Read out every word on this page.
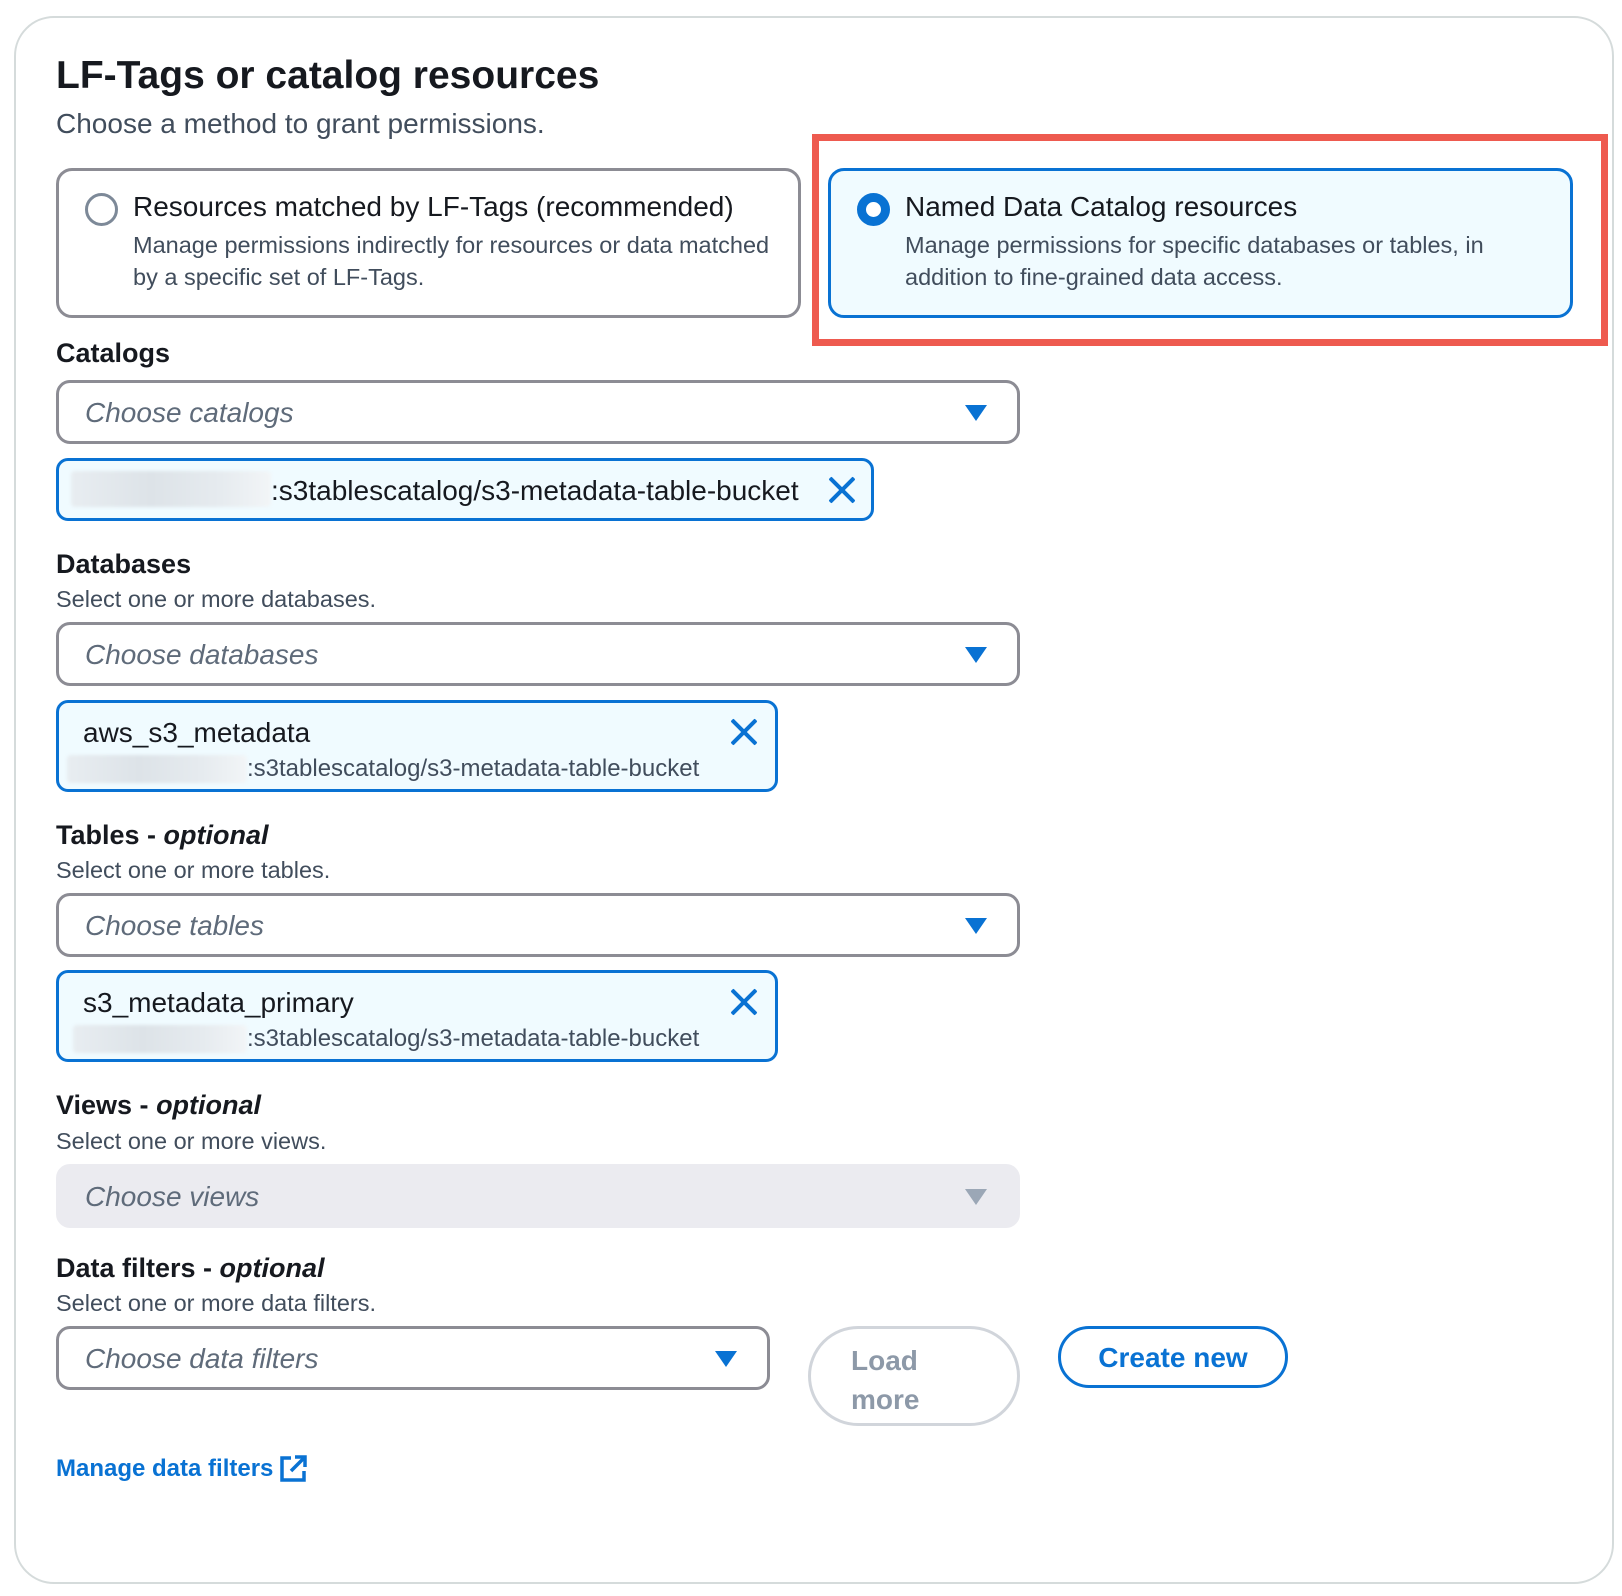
LF-Tags or catalog resources
Choose a method to grant permissions.
Resources matched by LF-Tags (recommended)
Manage permissions indirectly for resources or data matched by a specific set of LF-Tags.
Named Data Catalog resources
Manage permissions for specific databases or tables, in addition to fine-grained data access.
Catalogs
Choose catalogs
:s3tablescatalog/s3-metadata-table-bucket
Databases
Select one or more databases.
Choose databases
aws_s3_metadata
:s3tablescatalog/s3-metadata-table-bucket
Tables - optional
Select one or more tables.
Choose tables
s3_metadata_primary
:s3tablescatalog/s3-metadata-table-bucket
Views - optional
Select one or more views.
Choose views
Data filters - optional
Select one or more data filters.
Choose data filters	Load more
Create new
Manage data filters
